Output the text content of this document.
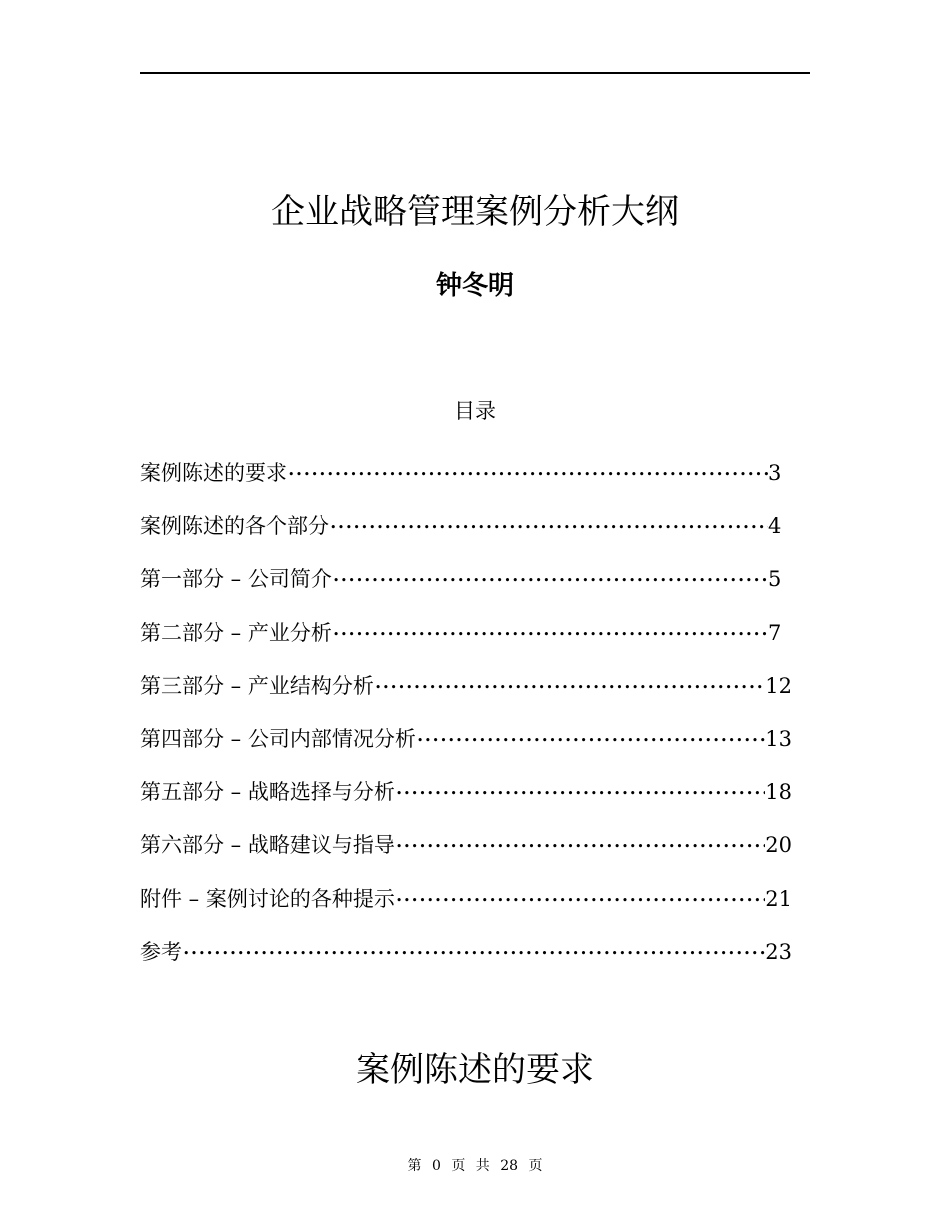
企业战略管理案例分析大纲
钟冬明
目录
案例陈述的要求 •••••	3
案例陈述的各个部分 •••••	4
第一部分 – 公司简介 •••••	5
第二部分 – 产业分析 •••••	7
第三部分 – 产业结构分析 •••••	12
第四部分 – 公司内部情况分析 •••••	13
第五部分 – 战略选择与分析 •••••	18
第六部分 – 战略建议与指导 •••••	20
附件 – 案例讨论的各种提示 •••••	21
参考 •••••	23
案例陈述的要求
第 0 页 共 28 页
